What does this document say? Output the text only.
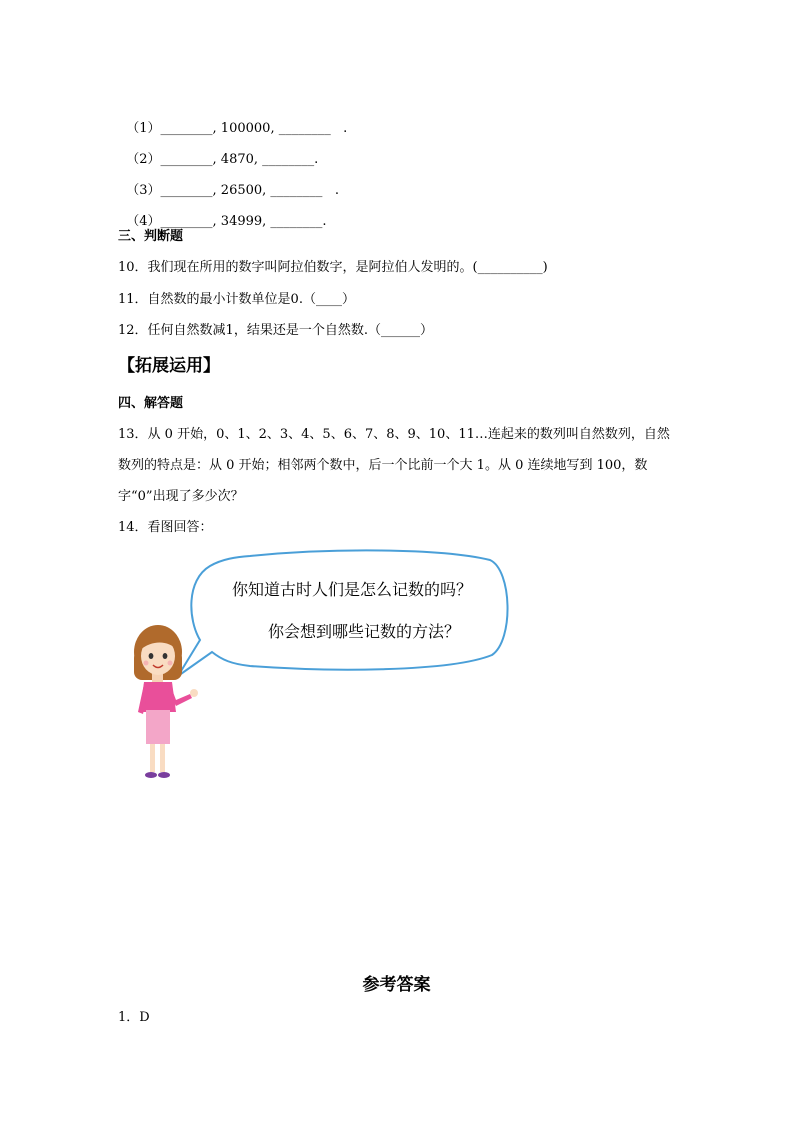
（1）________, 100000, ________   .

（2）________, 4870, ________.

（3）________, 26500, ________   .

（4）________, 34999, ________.

三、判断题
10．我们现在所用的数字叫阿拉伯数字，是阿拉伯人发明的。(__________)
11．自然数的最小计数单位是0.（____）
12．任何自然数减1，结果还是一个自然数.（______）
【拓展运用】
四、解答题
13．从 0 开始，0、1、2、3、4、5、6、7、8、9、10、11…连起来的数列叫自然数列，自然
数列的特点是：从 0 开始；相邻两个数中，后一个比前一个大 1。从 0 连续地写到 100，数
字“0”出现了多少次？
14．看图回答：
你知道古时人们是怎么记数的吗？
你会想到哪些记数的方法？
参考答案
1．D
